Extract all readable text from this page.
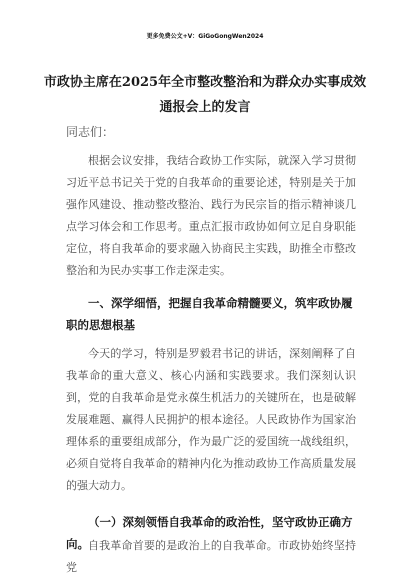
更多免费公文+V：GiGoGongWen2024
市政协主席在2025年全市整改整治和为群众办实事成效通报会上的发言
同志们：

根据会议安排，我结合政协工作实际，就深入学习贯彻习近平总书记关于党的自我革命的重要论述，特别是关于加强作风建设、推动整改整治、践行为民宗旨的指示精神谈几点学习体会和工作思考。重点汇报市政协如何立足自身职能定位，将自我革命的要求融入协商民主实践，助推全市整改整治和为民办实事工作走深走实。

一、深学细悟，把握自我革命精髓要义，筑牢政协履职的思想根基

今天的学习，特别是罗毅君书记的讲话，深刻阐释了自我革命的重大意义、核心内涵和实践要求。我们深刻认识到，党的自我革命是党永葆生机活力的关键所在，也是破解发展难题、赢得人民拥护的根本途径。人民政协作为国家治理体系的重要组成部分，作为最广泛的爱国统一战线组织，必须自觉将自我革命的精神内化为推动政协工作高质量发展的强大动力。

（一）深刻领悟自我革命的政治性，坚守政协正确方向。 自我革命首要的是政治上的自我革命。市政协始终坚持党
